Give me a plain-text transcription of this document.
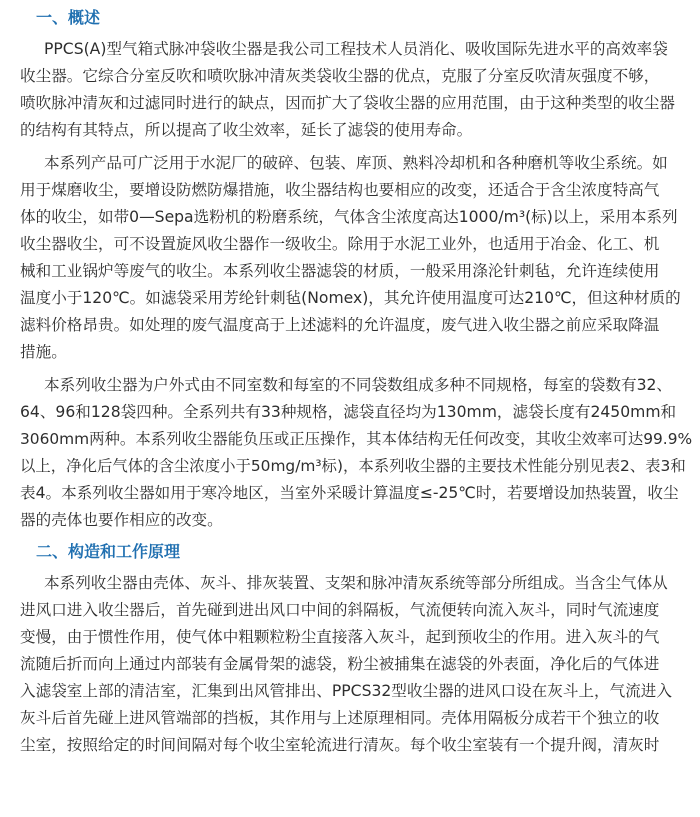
一、概述
PPCS(A)型气箱式脉冲袋收尘器是我公司工程技术人员消化、吸收国际先进水平的高效率袋
收尘器。它综合分室反吹和喷吹脉冲清灰类袋收尘器的优点，克服了分室反吹清灰强度不够，
喷吹脉冲清灰和过滤同时进行的缺点，因而扩大了袋收尘器的应用范围，由于这种类型的收尘器
的结构有其特点，所以提高了收尘效率，延长了滤袋的使用寿命。
本系列产品可广泛用于水泥厂的破碎、包装、库顶、熟料冷却机和各种磨机等收尘系统。如
用于煤磨收尘，要增设防燃防爆措施，收尘器结构也要相应的改变，还适合于含尘浓度特高气
体的收尘，如带0—Sepa选粉机的粉磨系统，气体含尘浓度高达1000/m³(标)以上，采用本系列
收尘器收尘，可不设置旋风收尘器作一级收尘。除用于水泥工业外，也适用于冶金、化工、机
械和工业锅炉等废气的收尘。本系列收尘器滤袋的材质，一般采用涤沦针刺毡，允许连续使用
温度小于120℃。如滤袋采用芳纶针刺毡(Nomex)，其允许使用温度可达210℃，但这种材质的
滤料价格昂贵。如处理的废气温度高于上述滤料的允许温度，废气进入收尘器之前应采取降温
措施。
本系列收尘器为户外式由不同室数和每室的不同袋数组成多种不同规格，每室的袋数有32、
64、96和128袋四种。全系列共有33种规格，滤袋直径均为130mm，滤袋长度有2450mm和
3060mm两种。本系列收尘器能负压或正压操作，其本体结构无任何改变，其收尘效率可达99.9%
以上，净化后气体的含尘浓度小于50mg/m³标)，本系列收尘器的主要技术性能分别见表2、表3和
表4。本系列收尘器如用于寒冷地区，当室外采暖计算温度≤-25℃时，若要增设加热装置，收尘
器的壳体也要作相应的改变。
二、构造和工作原理
本系列收尘器由壳体、灰斗、排灰装置、支架和脉冲清灰系统等部分所组成。当含尘气体从
进风口进入收尘器后，首先碰到进出风口中间的斜隔板，气流便转向流入灰斗，同时气流速度
变慢，由于惯性作用，使气体中粗颗粒粉尘直接落入灰斗，起到预收尘的作用。进入灰斗的气
流随后折而向上通过内部装有金属骨架的滤袋，粉尘被捕集在滤袋的外表面，净化后的气体进
入滤袋室上部的清洁室，汇集到出风管排出、PPCS32型收尘器的进风口设在灰斗上，气流进入
灰斗后首先碰上进风管端部的挡板，其作用与上述原理相同。壳体用隔板分成若干个独立的收
尘室，按照给定的时间间隔对每个收尘室轮流进行清灰。每个收尘室装有一个提升阀，清灰时
